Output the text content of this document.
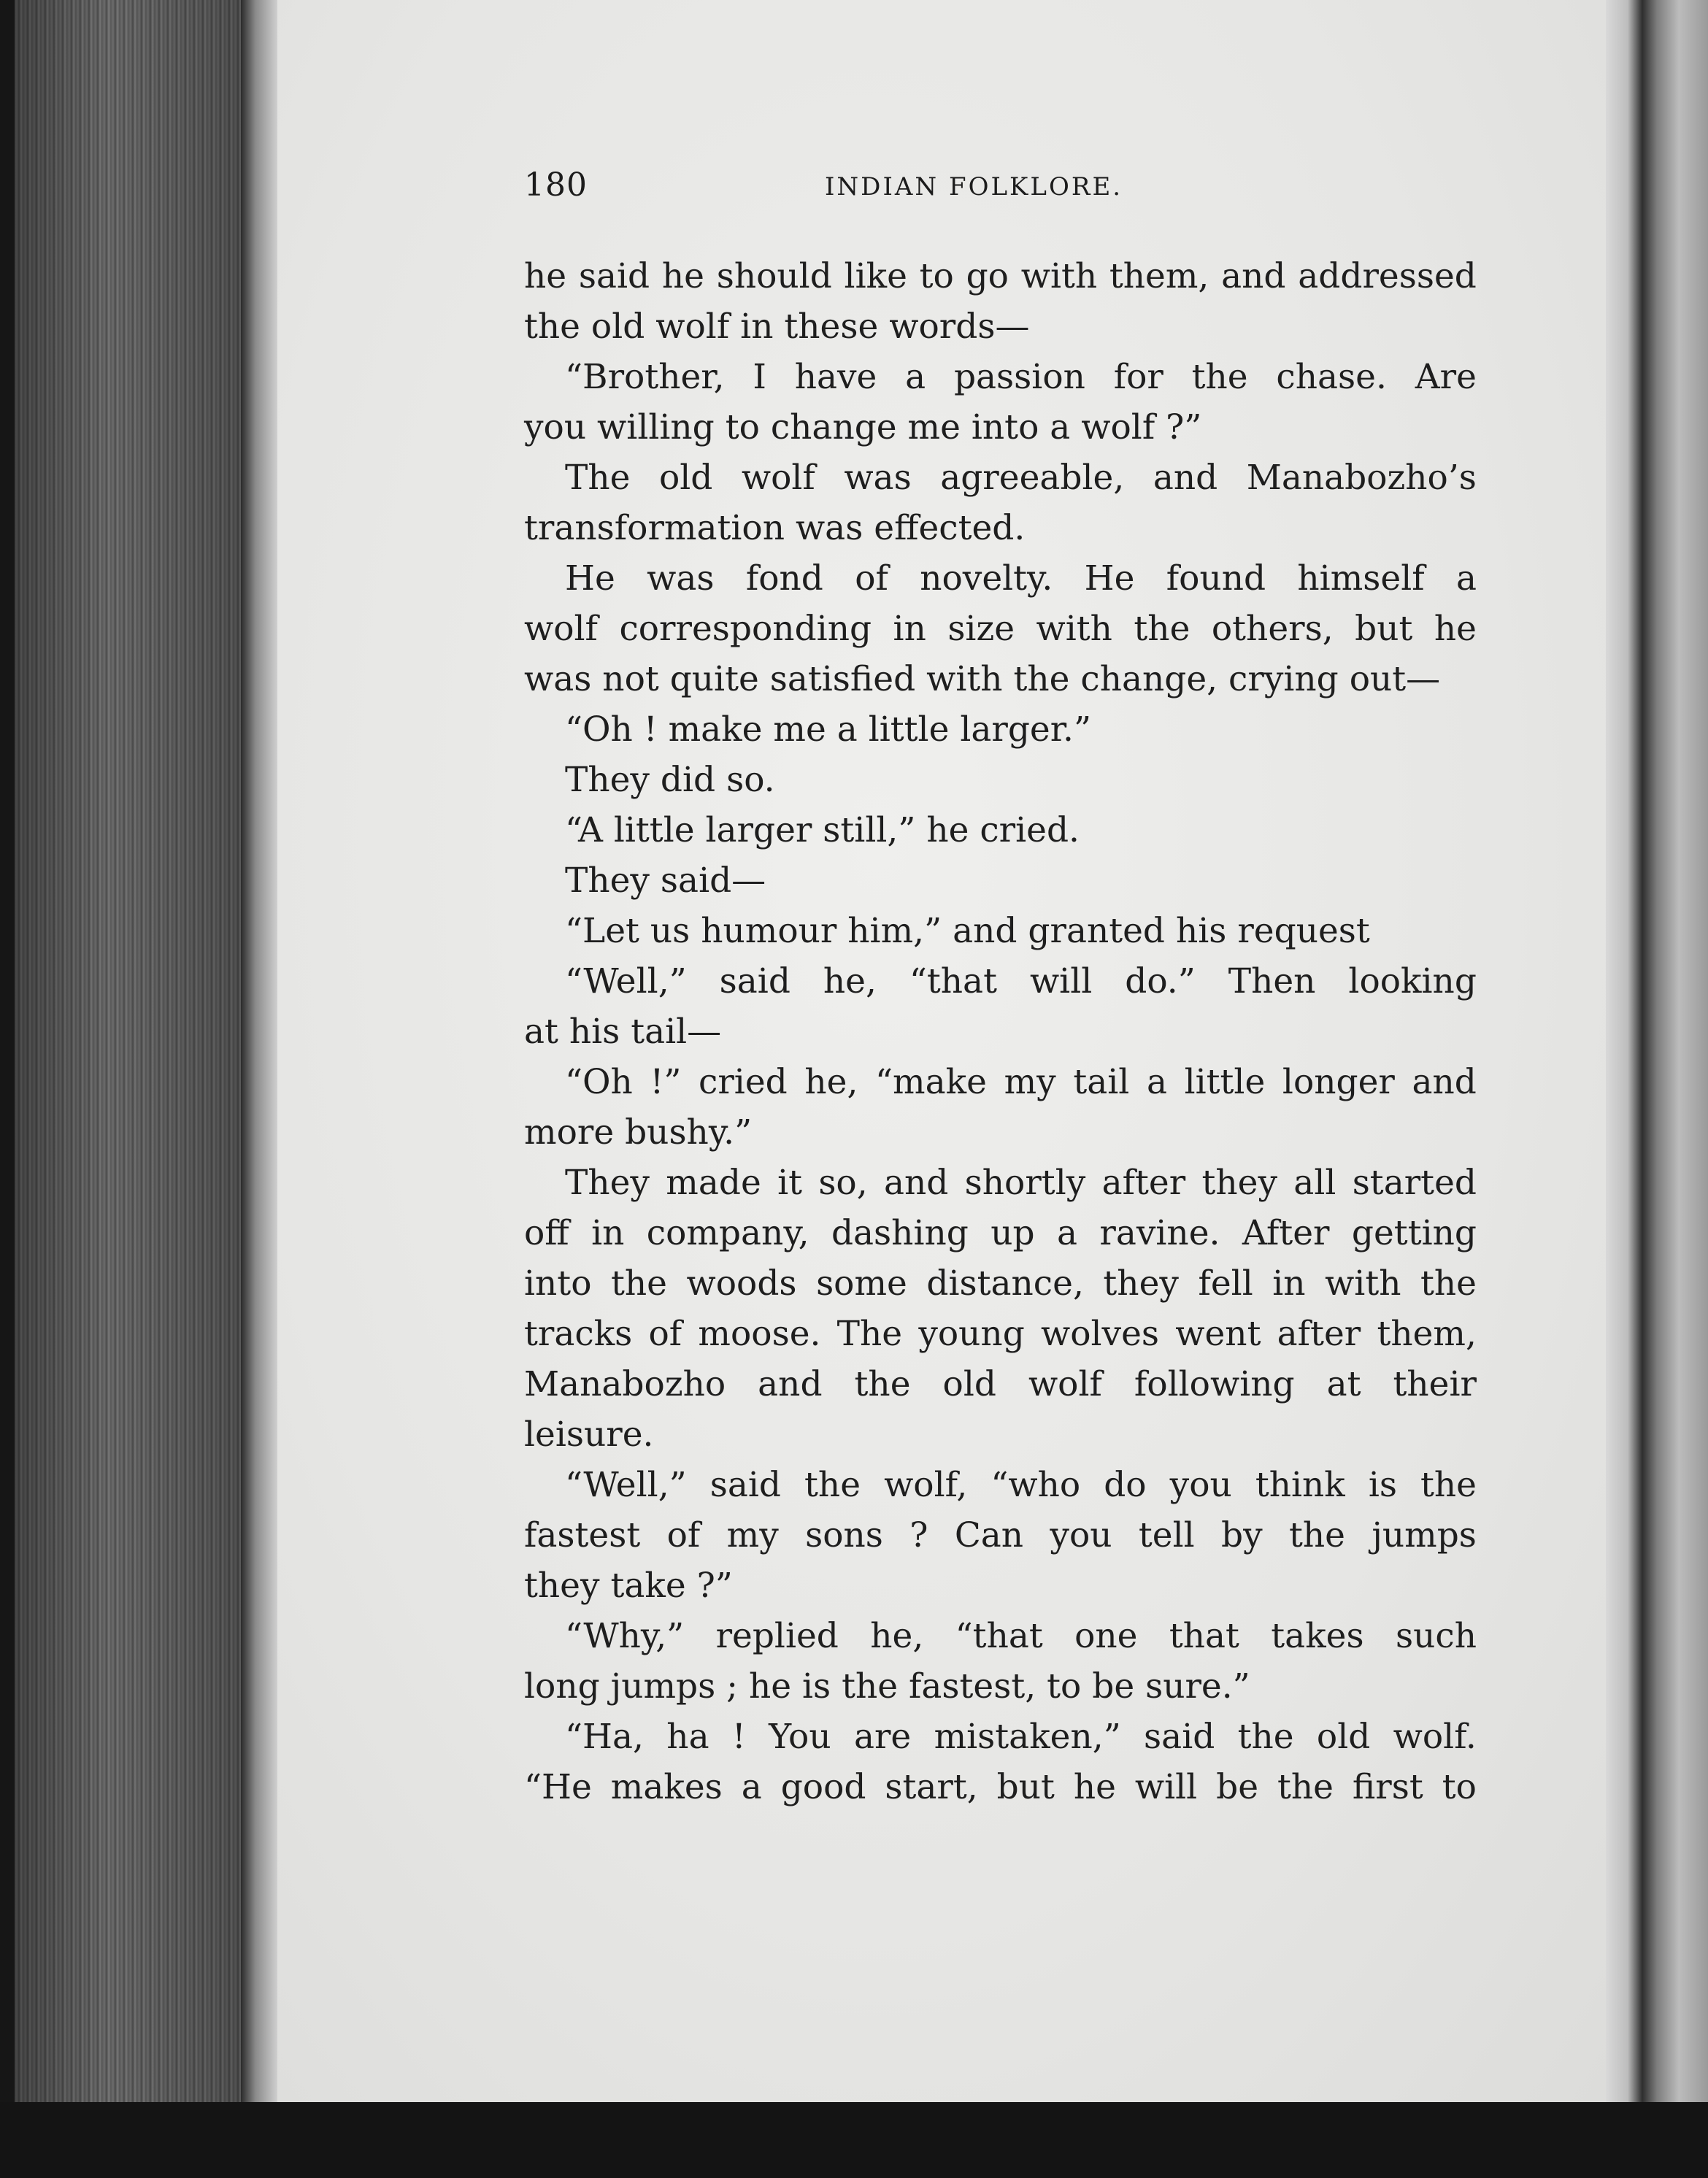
180	INDIAN FOLKLORE.
he said he should like to go with them, and addressed
the old wolf in these words—
“Brother, I have a passion for the chase. Are
you willing to change me into a wolf ?”
The old wolf was agreeable, and Manabozho’s
transformation was effected.
He was fond of novelty. He found himself a
wolf corresponding in size with the others, but he
was not quite satisfied with the change, crying out—
“Oh ! make me a little larger.”
They did so.
“A little larger still,” he cried.
They said—
“Let us humour him,” and granted his request
“Well,” said he, “that will do.” Then looking
at his tail—
“Oh !” cried he, “make my tail a little longer and
more bushy.”
They made it so, and shortly after they all started
off in company, dashing up a ravine. After getting
into the woods some distance, they fell in with the
tracks of moose. The young wolves went after them,
Manabozho and the old wolf following at their
leisure.
“Well,” said the wolf, “who do you think is the
fastest of my sons ? Can you tell by the jumps
they take ?”
“Why,” replied he, “that one that takes such
long jumps ; he is the fastest, to be sure.”
“Ha, ha ! You are mistaken,” said the old wolf.
“He makes a good start, but he will be the first to
